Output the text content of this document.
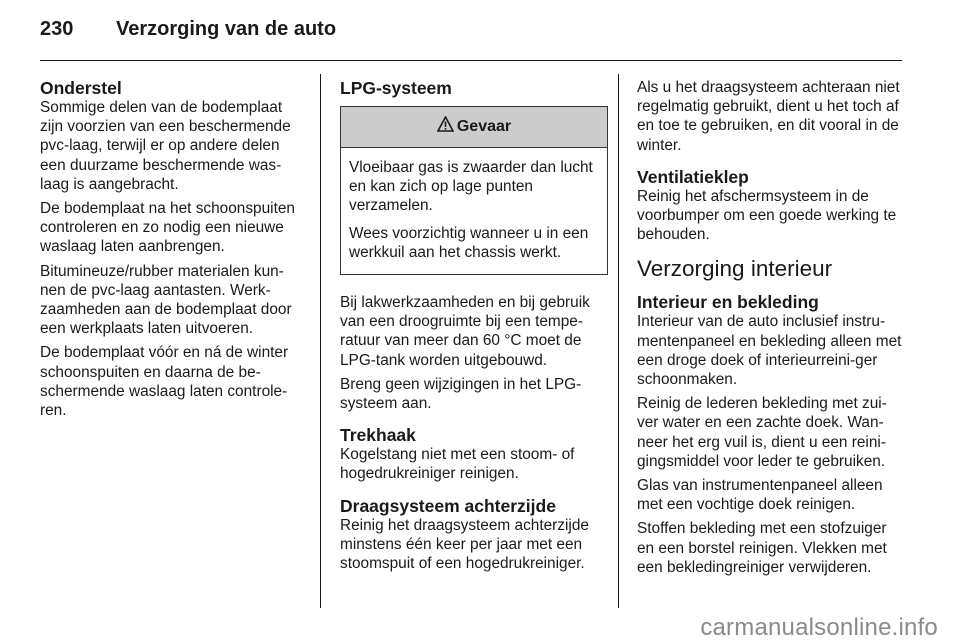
230 Verzorging van de auto
Onderstel

Sommige delen van de bodemplaat zijn voorzien van een beschermende pvc-laag, terwijl er op andere delen een duurzame beschermende was-laag is aangebracht.

De bodemplaat na het schoonspuiten controleren en zo nodig een nieuwe waslaag laten aanbrengen.

Bitumineuze/rubber materialen kun-nen de pvc-laag aantasten. Werk-zaamheden aan de bodemplaat door een werkplaats laten uitvoeren.

De bodemplaat vóór en ná de winter schoonspuiten en daarna de be-schermende waslaag laten controle-ren.

LPG-systeem
Gevaar

Vloeibaar gas is zwaarder dan lucht en kan zich op lage punten verzamelen.

Wees voorzichtig wanneer u in een werkkuil aan het chassis werkt.

Bij lakwerkzaamheden en bij gebruik van een droogruimte bij een tempe-ratuur van meer dan 60 °C moet de LPG-tank worden uitgebouwd.

Breng geen wijzigingen in het LPG-systeem aan.

Trekhaak

Kogelstang niet met een stoom- of hogedrukreiniger reinigen.

Draagsysteem achterzijde

Reinig het draagsysteem achterzijde minstens één keer per jaar met een stoomspuit of een hogedrukreiniger.

Als u het draagsysteem achteraan niet regelmatig gebruikt, dient u het toch af en toe te gebruiken, en dit vooral in de winter.

Ventilatieklep

Reinig het afschermsysteem in de voorbumper om een goede werking te behouden.

Verzorging interieur
Interieur en bekleding

Interieur van de auto inclusief instru-mentenpaneel en bekleding alleen met een droge doek of interieurreini-ger schoonmaken.

Reinig de lederen bekleding met zui-ver water en een zachte doek. Wan-neer het erg vuil is, dient u een reini-gingsmiddel voor leder te gebruiken.

Glas van instrumentenpaneel alleen met een vochtige doek reinigen.

Stoffen bekleding met een stofzuiger en een borstel reinigen. Vlekken met een bekledingreiniger verwijderen.

carmanualsonline.info
